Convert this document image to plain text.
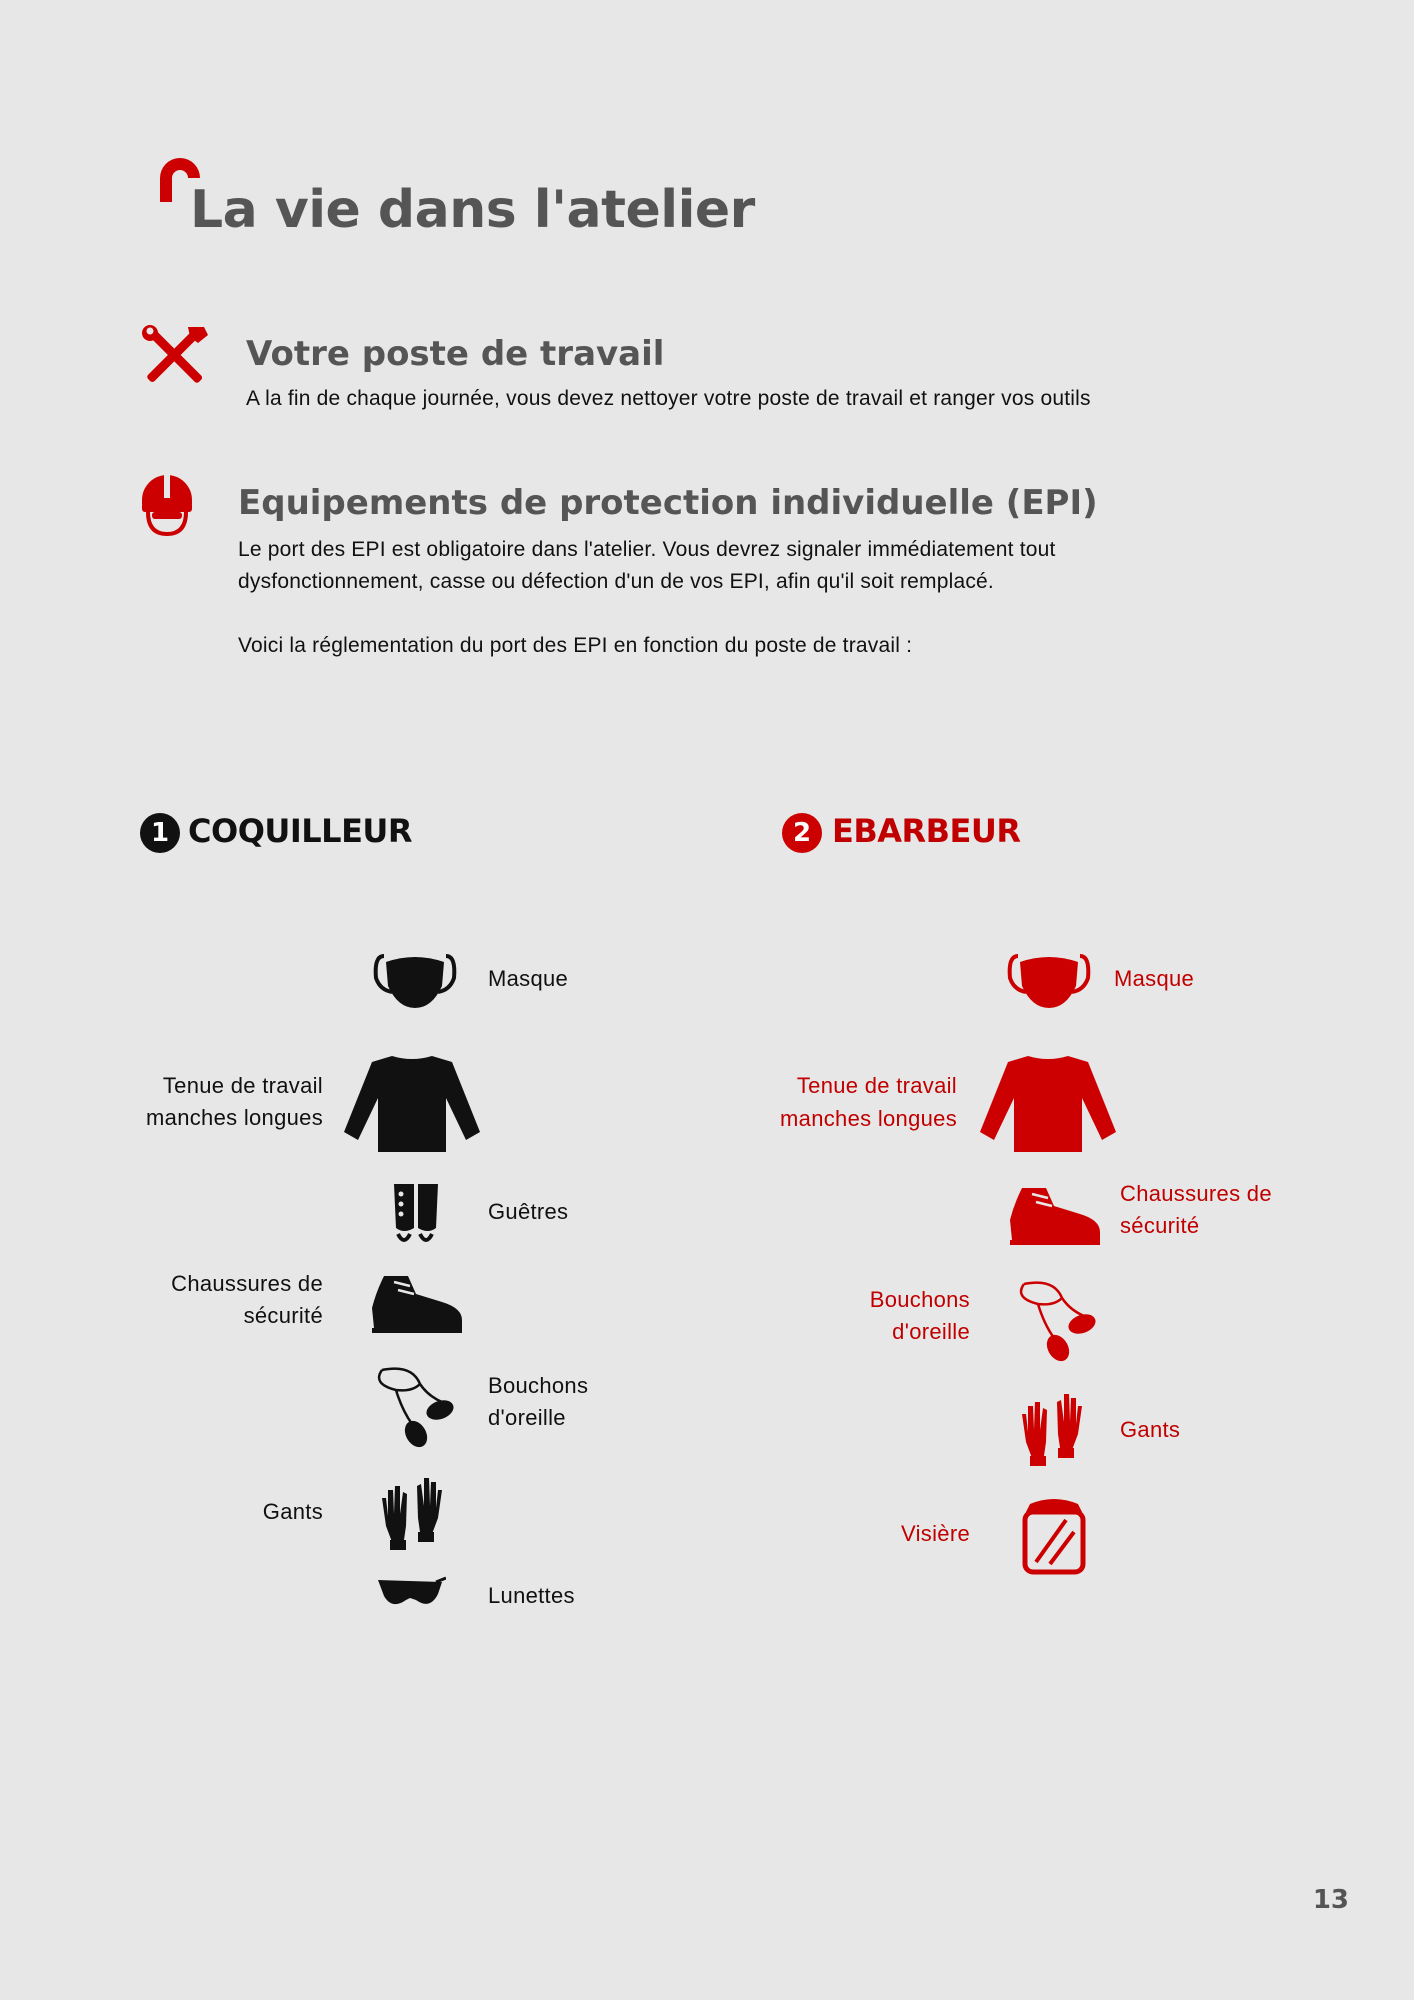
La vie dans l'atelier
Votre poste de travail
A la fin de chaque journée, vous devez nettoyer votre poste de travail et ranger vos outils
Equipements de protection individuelle (EPI)
Le port des EPI est obligatoire dans l'atelier. Vous devrez signaler immédiatement tout
dysfonctionnement, casse ou défection d'un de vos EPI, afin qu'il soit remplacé.
Voici la réglementation du port des EPI en fonction du poste de travail :
1 COQUILLEUR
Masque
Tenue de travail
manches longues
Guêtres
Chaussures de
sécurité
Bouchons
d'oreille
Gants
Lunettes
2 EBARBEUR
Masque
Tenue de travail
manches longues
Chaussures de
sécurité
Bouchons
d'oreille
Gants
Visière
13
